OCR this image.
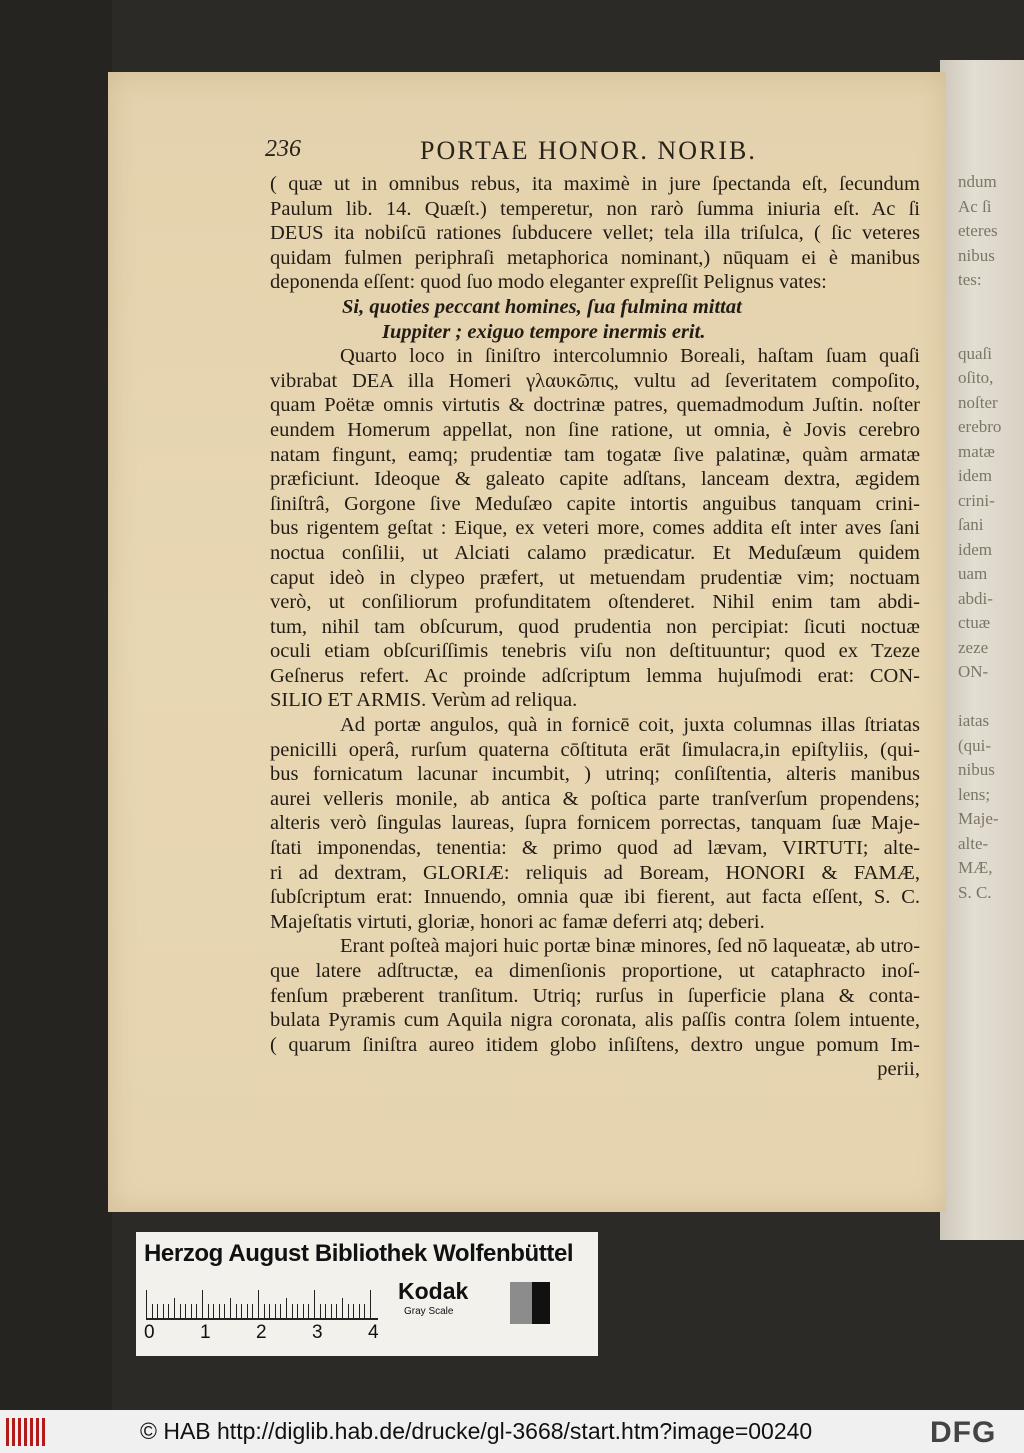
ndum
Ac ſi
eteres
nibus
tes:

quaſi
oſito,
noſter
erebro
matæ
idem
crini-
ſani
idem
uam
abdi-
ctuæ
zeze
ON-

iatas
(qui-
nibus
lens;
Maje-
alte-
MÆ,
S. C.
236	PORTAE HONOR. NORIB.

( quæ ut in omnibus rebus, ita maximè in jure ſpectanda eſt, ſecundum
Paulum lib. 14. Quæſt.) temperetur, non rarò ſumma iniuria eſt. Ac ſi
DEUS ita nobiſcū rationes ſubducere vellet; tela illa triſulca, ( ſic veteres
quidam fulmen periphraſi metaphorica nominant,) nūquam ei è manibus
deponenda eſſent: quod ſuo modo eleganter expreſſit Pelignus vates:

Si, quoties peccant homines, ſua fulmina mittat
Iuppiter ; exiguo tempore inermis erit.

Quarto loco in ſiniſtro intercolumnio Boreali, haſtam ſuam quaſi
vibrabat DEA illa Homeri γλαυκῶπις, vultu ad ſeveritatem compoſito,
quam Poëtæ omnis virtutis & doctrinæ patres, quemadmodum Juſtin. noſter
eundem Homerum appellat, non ſine ratione, ut omnia, è Jovis cerebro
natam fingunt, eamq; prudentiæ tam togatæ ſive palatinæ, quàm armatæ
præficiunt. Ideoque & galeato capite adſtans, lanceam dextra, ægidem
ſiniſtrâ, Gorgone ſive Meduſæo capite intortis anguibus tanquam crini-
bus rigentem geſtat : Eique, ex veteri more, comes addita eſt inter aves ſani
noctua conſilii, ut Alciati calamo prædicatur. Et Meduſæum quidem
caput ideò in clypeo præfert, ut metuendam prudentiæ vim; noctuam
verò, ut conſiliorum profunditatem oſtenderet. Nihil enim tam abdi-
tum, nihil tam obſcurum, quod prudentia non percipiat: ſicuti noctuæ
oculi etiam obſcuriſſimis tenebris viſu non deſtituuntur; quod ex Tzeze
Geſnerus refert. Ac proinde adſcriptum lemma hujuſmodi erat: CON-
SILIO ET ARMIS. Verùm ad reliqua.

Ad portæ angulos, quà in fornicē coit, juxta columnas illas ſtriatas
penicilli operâ, rurſum quaterna cōſtituta erāt ſimulacra,in epiſtyliis, (qui-
bus fornicatum lacunar incumbit, ) utrinq; conſiſtentia, alteris manibus
aurei velleris monile, ab antica & poſtica parte tranſverſum propendens;
alteris verò ſingulas laureas, ſupra fornicem porrectas, tanquam ſuæ Maje-
ſtati imponendas, tenentia: & primo quod ad lævam, VIRTUTI; alte-
ri ad dextram, GLORIÆ: reliquis ad Boream, HONORI & FAMÆ,
ſubſcriptum erat: Innuendo, omnia quæ ibi fierent, aut facta eſſent, S. C.
Majeſtatis virtuti, gloriæ, honori ac famæ deferri atq; deberi.

Erant poſteà majori huic portæ binæ minores, ſed nō laqueatæ, ab utro-
que latere adſtructæ, ea dimenſionis proportione, ut cataphracto inoſ-
fenſum præberent tranſitum. Utriq; rurſus in ſuperficie plana & conta-
bulata Pyramis cum Aquila nigra coronata, alis paſſis contra ſolem intuente,
( quarum ſiniſtra aureo itidem globo inſiſtens, dextro ungue pomum Im-
perii,

Herzog August Bibliothek Wolfenbüttel
0 1 2 3 4
Kodak
Gray Scale
© HAB http://diglib.hab.de/drucke/gl-3668/start.htm?image=00240	DFG
